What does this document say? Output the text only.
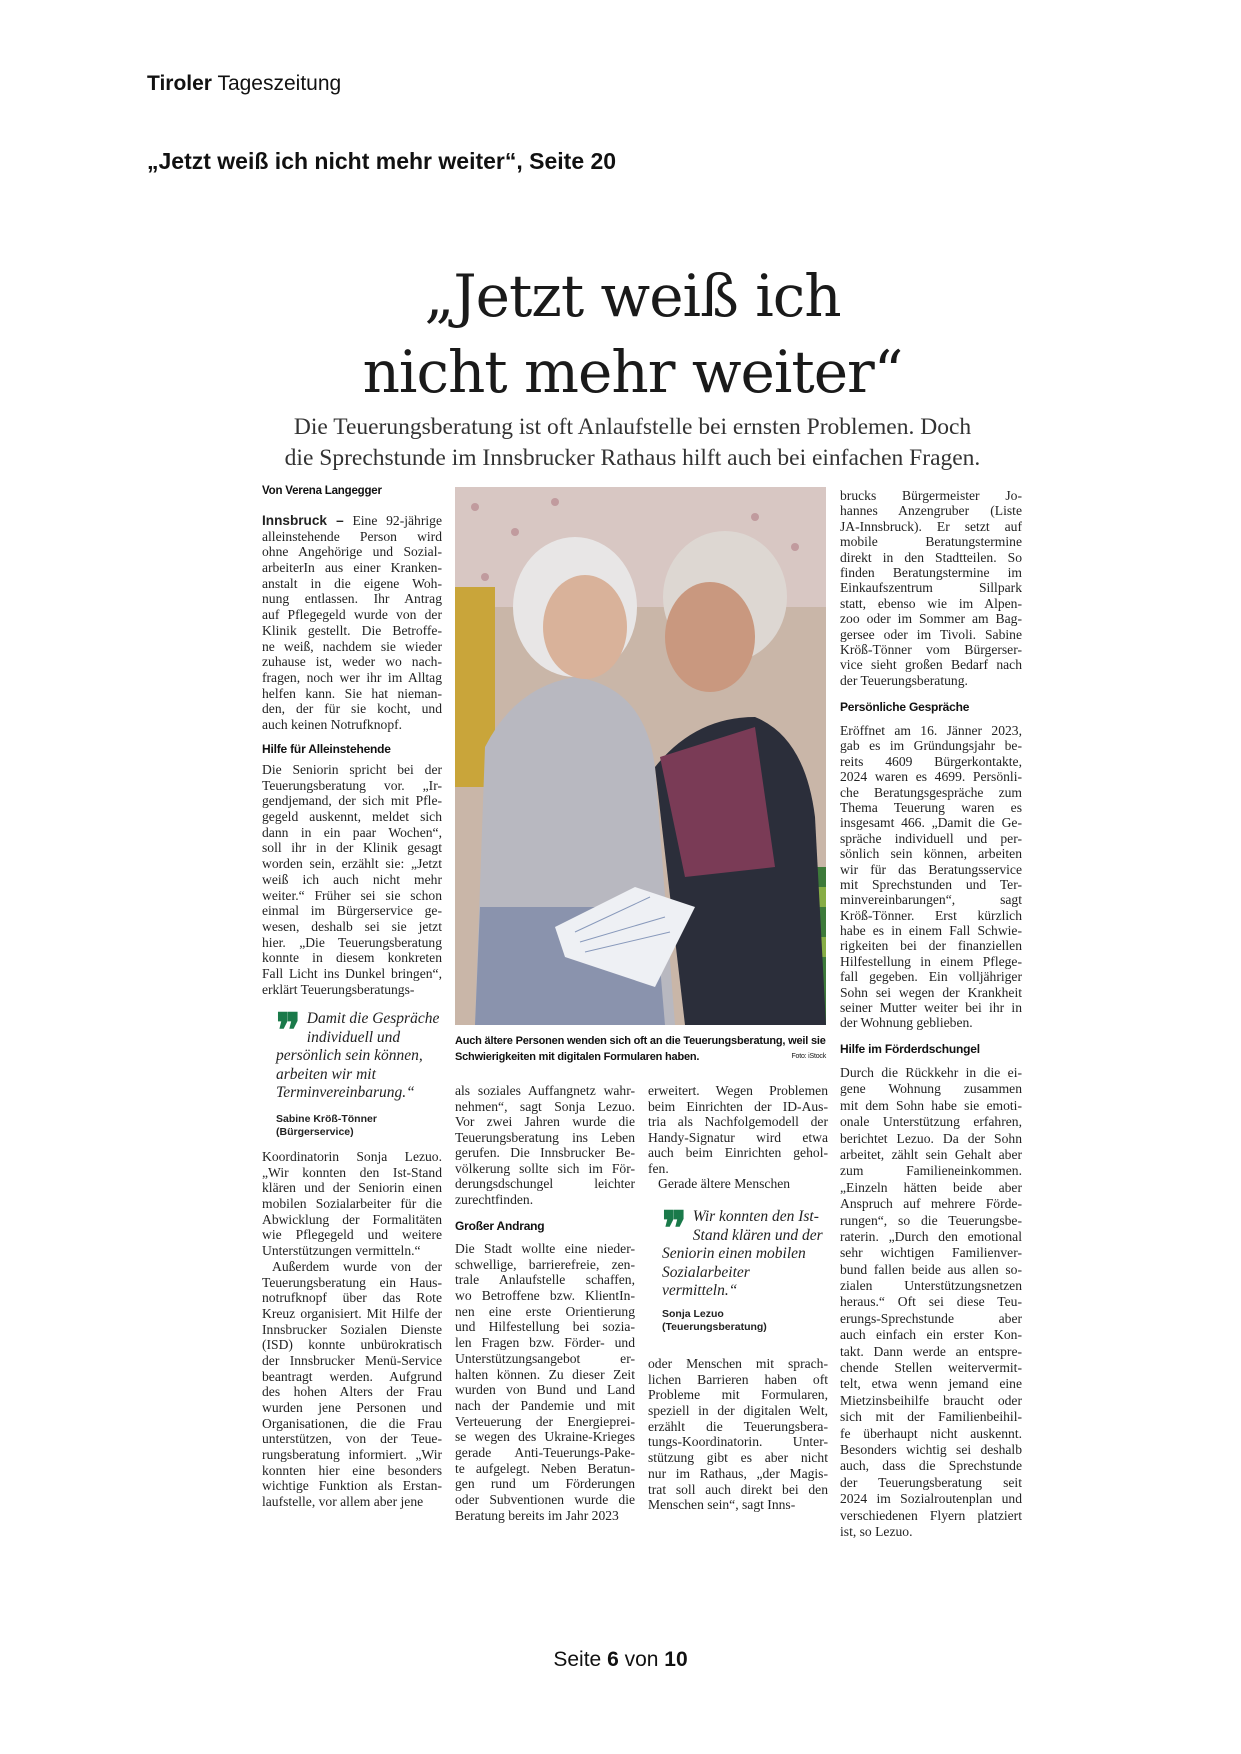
Tiroler Tageszeitung
„Jetzt weiß ich nicht mehr weiter“, Seite 20
„Jetzt weiß ich
nicht mehr weiter“
Die Teuerungsberatung ist oft Anlaufstelle bei ernsten Problemen. Doch
die Sprechstunde im Innsbrucker Rathaus hilft auch bei einfachen Fragen.
Von Verena Langegger
Auch ältere Personen wenden sich oft an die Teuerungsberatung, weil sie Schwierigkeiten mit digitalen Formularen haben.	Foto: iStock
Innsbruck – Eine 92-jährige
alleinstehende Person wird
ohne Angehörige und Sozial-
arbeiterIn aus einer Kranken-
anstalt in die eigene Woh-
nung entlassen. Ihr Antrag
auf Pflegegeld wurde von der
Klinik gestellt. Die Betroffe-
ne weiß, nachdem sie wieder
zuhause ist, weder wo nach-
fragen, noch wer ihr im Alltag
helfen kann. Sie hat nieman-
den, der für sie kocht, und
auch keinen Notrufknopf.
Die Seniorin spricht bei der
Teuerungsberatung vor. „Ir-
gendjemand, der sich mit Pfle-
gegeld auskennt, meldet sich
dann in ein paar Wochen“,
soll ihr in der Klinik gesagt
worden sein, erzählt sie: „Jetzt
weiß ich auch nicht mehr
weiter.“ Früher sei sie schon
einmal im Bürgerservice ge-
wesen, deshalb sei sie jetzt
hier. „Die Teuerungsberatung
konnte in diesem konkreten
Fall Licht ins Dunkel bringen“,
erklärt Teuerungsberatungs-
Koordinatorin Sonja Lezuo.
„Wir konnten den Ist-Stand
klären und der Seniorin einen
mobilen Sozialarbeiter für die
Abwicklung der Formalitäten
wie Pflegegeld und weitere
Unterstützungen vermitteln.“
Außerdem wurde von der
Teuerungsberatung ein Haus-
notrufknopf über das Rote
Kreuz organisiert. Mit Hilfe der
Innsbrucker Sozialen Dienste
(ISD) konnte unbürokratisch
der Innsbrucker Menü-Service
beantragt werden. Aufgrund
des hohen Alters der Frau
wurden jene Personen und
Organisationen, die die Frau
unterstützen, von der Teue-
rungsberatung informiert. „Wir
konnten hier eine besonders
wichtige Funktion als Erstan-
laufstelle, vor allem aber jene
als soziales Auffangnetz wahr-
nehmen“, sagt Sonja Lezuo.
Vor zwei Jahren wurde die
Teuerungsberatung ins Leben
gerufen. Die Innsbrucker Be-
völkerung sollte sich im För-
derungsdschungel leichter
zurechtfinden.
Die Stadt wollte eine nieder-
schwellige, barrierefreie, zen-
trale Anlaufstelle schaffen,
wo Betroffene bzw. KlientIn-
nen eine erste Orientierung
und Hilfestellung bei sozia-
len Fragen bzw. Förder- und
Unterstützungsangebot er-
halten können. Zu dieser Zeit
wurden von Bund und Land
nach der Pandemie und mit
Verteuerung der Energieprei-
se wegen des Ukraine-Krieges
gerade Anti-Teuerungs-Pake-
te aufgelegt. Neben Beratun-
gen rund um Förderungen
oder Subventionen wurde die
Beratung bereits im Jahr 2023
erweitert. Wegen Problemen
beim Einrichten der ID-Aus-
tria als Nachfolgemodell der
Handy-Signatur wird etwa
auch beim Einrichten gehol-
fen.
Gerade ältere Menschen
oder Menschen mit sprach-
lichen Barrieren haben oft
Probleme mit Formularen,
speziell in der digitalen Welt,
erzählt die Teuerungsbera-
tungs-Koordinatorin. Unter-
stützung gibt es aber nicht
nur im Rathaus, „der Magis-
trat soll auch direkt bei den
Menschen sein“, sagt Inns-
brucks Bürgermeister Jo-
hannes Anzengruber (Liste
JA-Innsbruck). Er setzt auf
mobile Beratungstermine
direkt in den Stadtteilen. So
finden Beratungstermine im
Einkaufszentrum Sillpark
statt, ebenso wie im Alpen-
zoo oder im Sommer am Bag-
gersee oder im Tivoli. Sabine
Kröß-Tönner vom Bürgerser-
vice sieht großen Bedarf nach
der Teuerungsberatung.
Eröffnet am 16. Jänner 2023,
gab es im Gründungsjahr be-
reits 4609 Bürgerkontakte,
2024 waren es 4699. Persönli-
che Beratungsgespräche zum
Thema Teuerung waren es
insgesamt 466. „Damit die Ge-
spräche individuell und per-
sönlich sein können, arbeiten
wir für das Beratungsservice
mit Sprechstunden und Ter-
minvereinbarungen“, sagt
Kröß-Tönner. Erst kürzlich
habe es in einem Fall Schwie-
rigkeiten bei der finanziellen
Hilfestellung in einem Pflege-
fall gegeben. Ein volljähriger
Sohn sei wegen der Krankheit
seiner Mutter weiter bei ihr in
der Wohnung geblieben.
Durch die Rückkehr in die ei-
gene Wohnung zusammen
mit dem Sohn habe sie emoti-
onale Unterstützung erfahren,
berichtet Lezuo. Da der Sohn
arbeitet, zählt sein Gehalt aber
zum Familieneinkommen.
„Einzeln hätten beide aber
Anspruch auf mehrere Förde-
rungen“, so die Teuerungsbe-
raterin. „Durch den emotional
sehr wichtigen Familienver-
bund fallen beide aus allen so-
zialen Unterstützungsnetzen
heraus.“ Oft sei diese Teu-
erungs-Sprechstunde aber
auch einfach ein erster Kon-
takt. Dann werde an entspre-
chende Stellen weitervermit-
telt, etwa wenn jemand eine
Mietzinsbeihilfe braucht oder
sich mit der Familienbeihil-
fe überhaupt nicht auskennt.
Besonders wichtig sei deshalb
auch, dass die Sprechstunde
der Teuerungsberatung seit
2024 im Sozialroutenplan und
verschiedenen Flyern platziert
ist, so Lezuo.
Hilfe für Alleinstehende
Großer Andrang
Persönliche Gespräche
Hilfe im Förderdschungel
❞ Damit die Gespräche individuell und persönlich sein können, arbeiten wir mit Terminvereinbarung.“
Sabine Kröß-Tönner
(Bürgerservice)
❞ Wir konnten den Ist-Stand klären und der Seniorin einen mobilen Sozialarbeiter vermitteln.“
Sonja Lezuo
(Teuerungsberatung)
Seite 6 von 10
